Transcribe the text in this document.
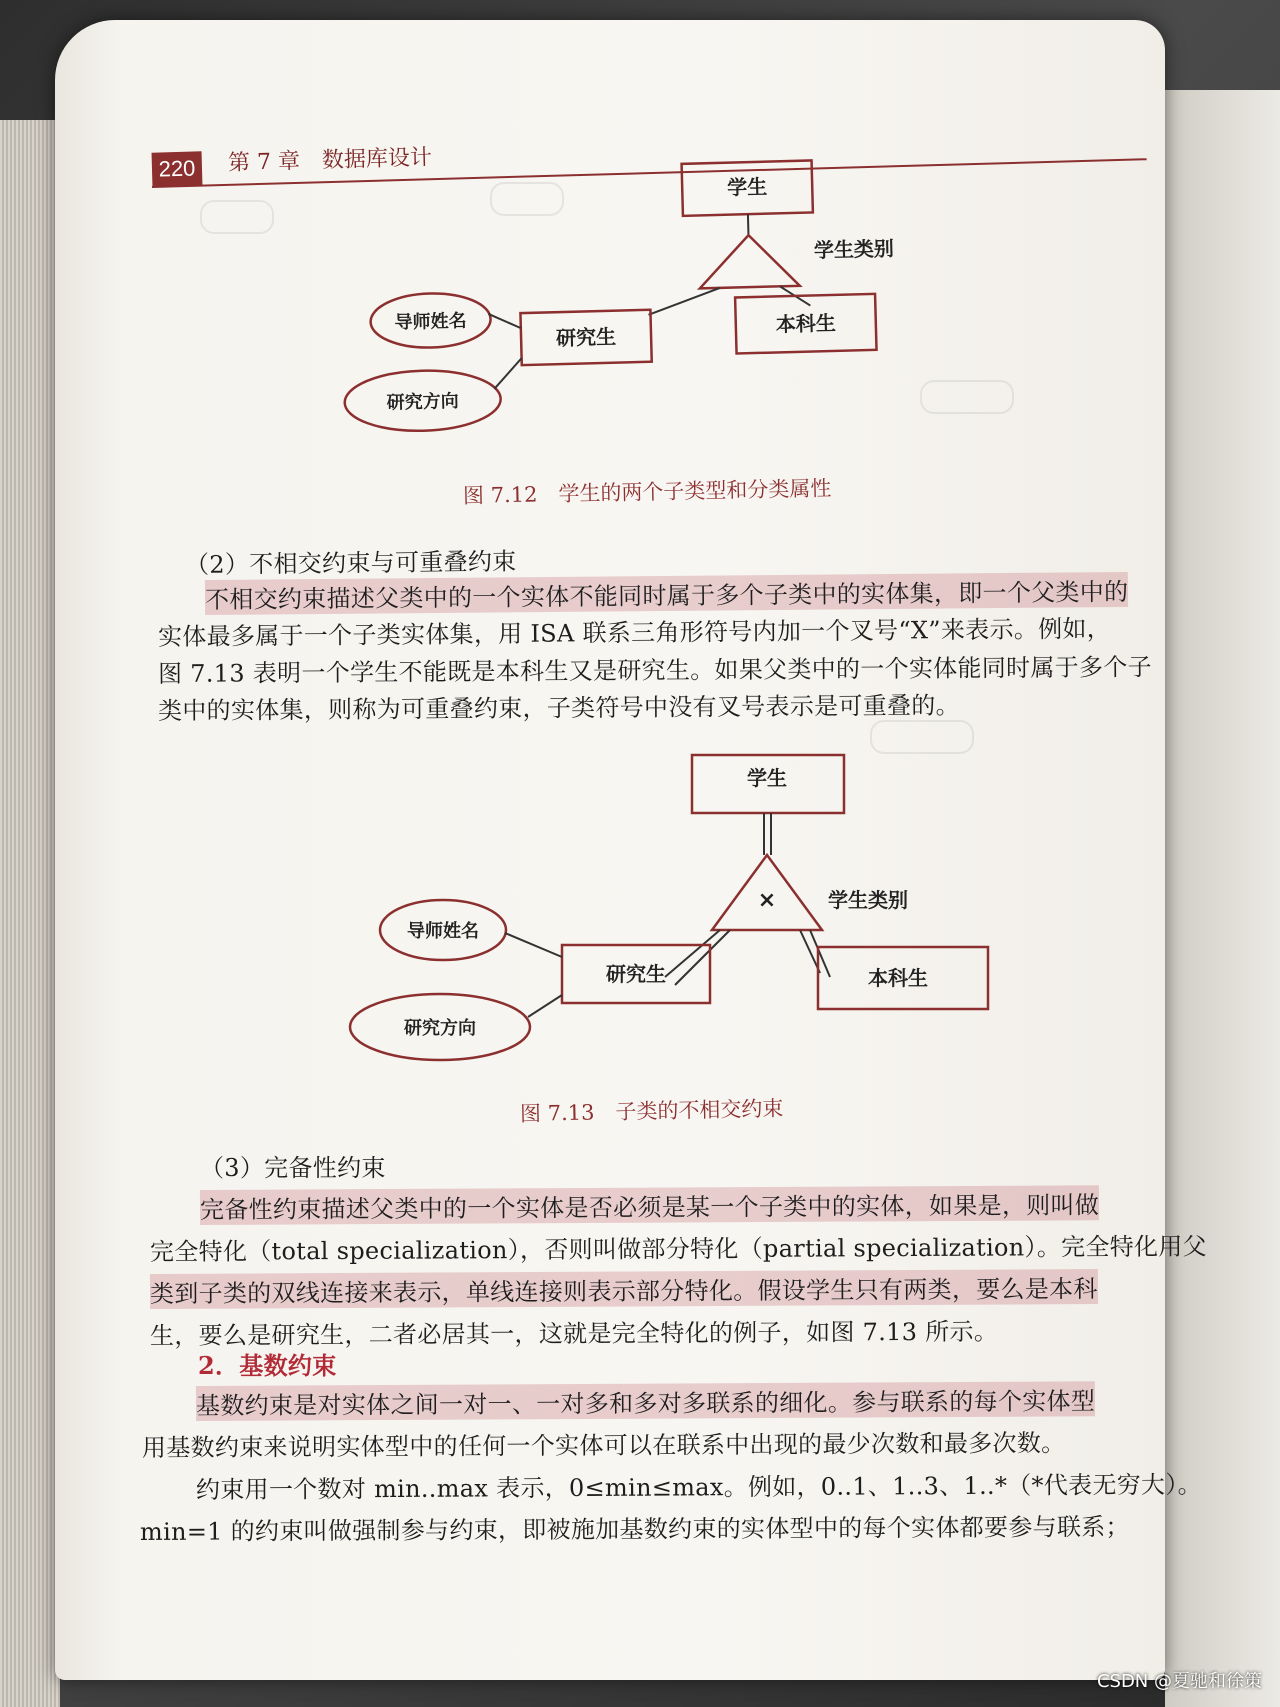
220	第 7 章　数据库设计
学生
学生类别
研究生
本科生
导师姓名
研究方向
图 7.12　学生的两个子类型和分类属性
（2）不相交约束与可重叠约束
不相交约束描述父类中的一个实体不能同时属于多个子类中的实体集，即一个父类中的
实体最多属于一个子类实体集，用 ISA 联系三角形符号内加一个叉号“X”来表示。例如，
图 7.13 表明一个学生不能既是本科生又是研究生。如果父类中的一个实体能同时属于多个子
类中的实体集，则称为可重叠约束，子类符号中没有叉号表示是可重叠的。
×
学生
学生类别
研究生	本科生
导师姓名
研究方向
图 7.13　子类的不相交约束
（3）完备性约束
完备性约束描述父类中的一个实体是否必须是某一个子类中的实体，如果是，则叫做
完全特化（total specialization），否则叫做部分特化（partial specialization）。完全特化用父
类到子类的双线连接来表示，单线连接则表示部分特化。假设学生只有两类，要么是本科
生，要么是研究生，二者必居其一，这就是完全特化的例子，如图 7.13 所示。
2．基数约束
基数约束是对实体之间一对一、一对多和多对多联系的细化。参与联系的每个实体型
用基数约束来说明实体型中的任何一个实体可以在联系中出现的最少次数和最多次数。
约束用一个数对 min..max 表示，0≤min≤max。例如，0..1、1..3、1..*（*代表无穷大）。
min=1 的约束叫做强制参与约束，即被施加基数约束的实体型中的每个实体都要参与联系；
CSDN @夏驰和徐策
